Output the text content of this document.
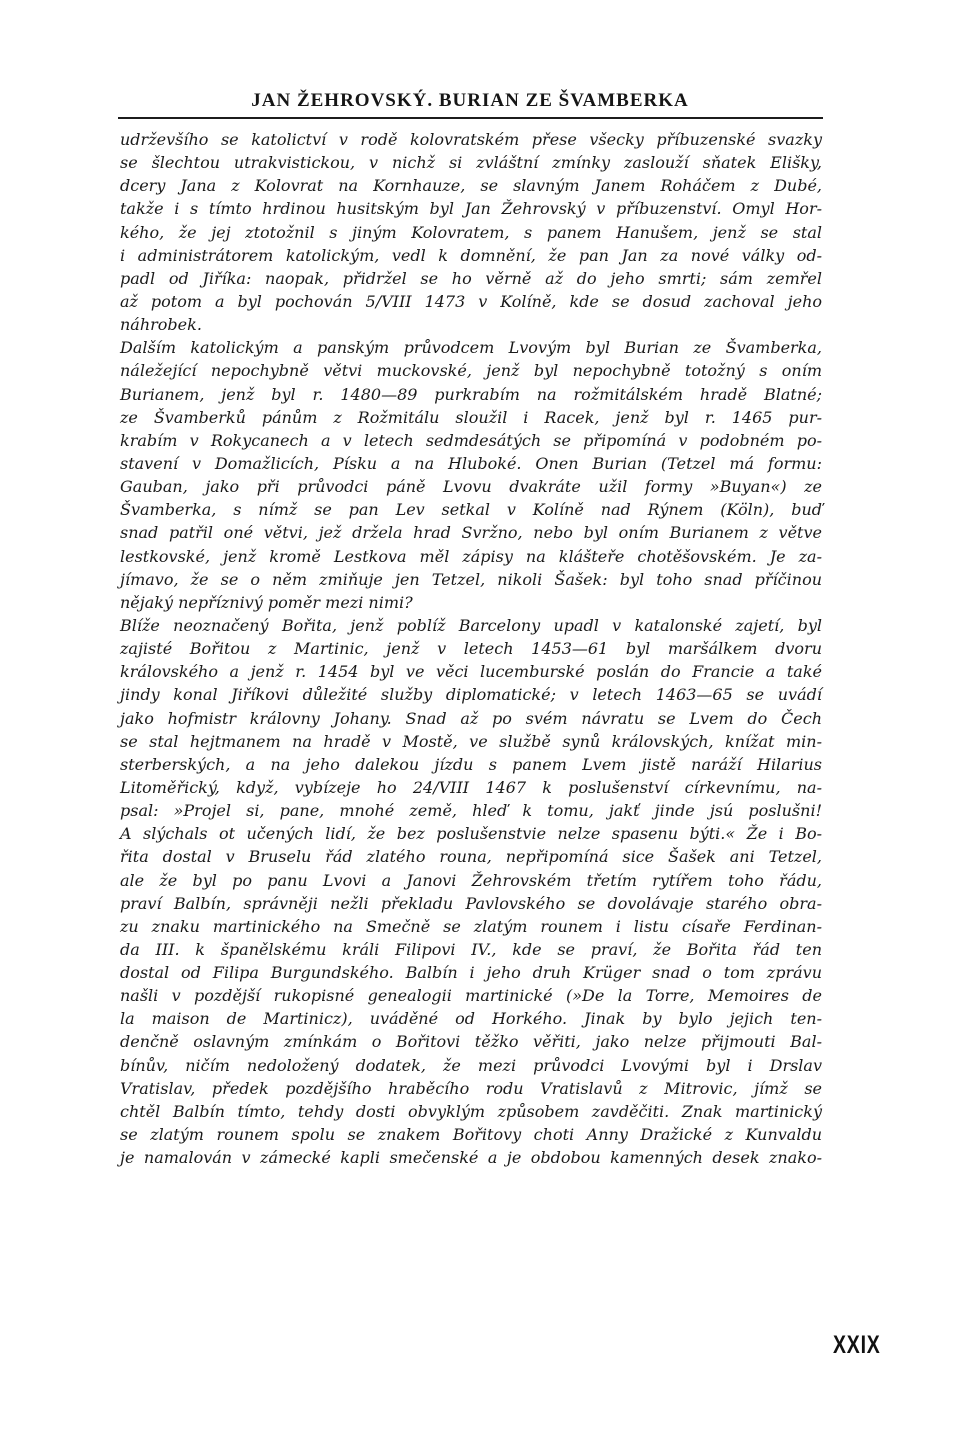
JAN ŽEHROVSKÝ. BURIAN ZE ŠVAMBERKA
udrževšího se katolictví v rodě kolovratském přese všecky příbuzenské svazky
se šlechtou utrakvistickou, v nichž si zvláštní zmínky zaslouží sňatek Elišky,
dcery Jana z Kolovrat na Kornhauze, se slavným Janem Roháčem z Dubé,
takže i s tímto hrdinou husitským byl Jan Žehrovský v příbuzenství. Omyl Hor-
kého, že jej ztotožnil s jiným Kolovratem, s panem Hanušem, jenž se stal
i administrátorem katolickým, vedl k domnění, že pan Jan za nové války od-
padl od Jiříka: naopak, přidržel se ho věrně až do jeho smrti; sám zemřel
až potom a byl pochován 5/VIII 1473 v Kolíně, kde se dosud zachoval jeho
náhrobek.
Dalším katolickým a panským průvodcem Lvovým byl Burian ze Švamberka,
náležející nepochybně větvi muckovské, jenž byl nepochybně totožný s oním
Burianem, jenž byl r. 1480—89 purkrabím na rožmitálském hradě Blatné;
ze Švamberků pánům z Rožmitálu sloužil i Racek, jenž byl r. 1465 pur-
krabím v Rokycanech a v letech sedmdesátých se připomíná v podobném po-
stavení v Domažlicích, Písku a na Hluboké. Onen Burian (Tetzel má formu:
Gauban, jako při průvodci páně Lvovu dvakráte užil formy »Buyan«) ze
Švamberka, s nímž se pan Lev setkal v Kolíně nad Rýnem (Köln), buď
snad patřil oné větvi, jež držela hrad Svržno, nebo byl oním Burianem z větve
lestkovské, jenž kromě Lestkova měl zápisy na klášteře chotěšovském. Je za-
jímavo, že se o něm zmiňuje jen Tetzel, nikoli Šašek: byl toho snad příčinou
nějaký nepříznivý poměr mezi nimi?
Blíže neoznačený Bořita, jenž poblíž Barcelony upadl v katalonské zajetí, byl
zajisté Bořitou z Martinic, jenž v letech 1453—61 byl maršálkem dvoru
královského a jenž r. 1454 byl ve věci lucemburské poslán do Francie a také
jindy konal Jiříkovi důležité služby diplomatické; v letech 1463—65 se uvádí
jako hofmistr královny Johany. Snad až po svém návratu se Lvem do Čech
se stal hejtmanem na hradě v Mostě, ve službě synů královských, knížat min-
sterberských, a na jeho dalekou jízdu s panem Lvem jistě naráží Hilarius
Litoměřický, když, vybízeje ho 24/VIII 1467 k poslušenství církevnímu, na-
psal: »Projel si, pane, mnohé země, hleď k tomu, jakť jinde jsú poslušni!
A slýchals ot učených lidí, že bez poslušenstvie nelze spasenu býti.« Že i Bo-
řita dostal v Bruselu řád zlatého rouna, nepřipomíná sice Šašek ani Tetzel,
ale že byl po panu Lvovi a Janovi Žehrovském třetím rytířem toho řádu,
praví Balbín, správněji nežli překladu Pavlovského se dovolávaje starého obra-
zu znaku martinického na Smečně se zlatým rounem i listu císaře Ferdinan-
da III. k španělskému králi Filipovi IV., kde se praví, že Bořita řád ten
dostal od Filipa Burgundského. Balbín i jeho druh Krüger snad o tom zprávu
našli v pozdější rukopisné genealogii martinické (»De la Torre, Memoires de
la maison de Martinicz), uváděné od Horkého. Jinak by bylo jejich ten-
denčně oslavným zmínkám o Bořitovi těžko věřiti, jako nelze přijmouti Bal-
bínův, ničím nedoložený dodatek, že mezi průvodci Lvovými byl i Drslav
Vratislav, předek pozdějšího hraběcího rodu Vratislavů z Mitrovic, jímž se
chtěl Balbín tímto, tehdy dosti obvyklým způsobem zavděčiti. Znak martinický
se zlatým rounem spolu se znakem Bořitovy choti Anny Dražické z Kunvaldu
je namalován v zámecké kapli smečenské a je obdobou kamenných desek znako-
XXIX
